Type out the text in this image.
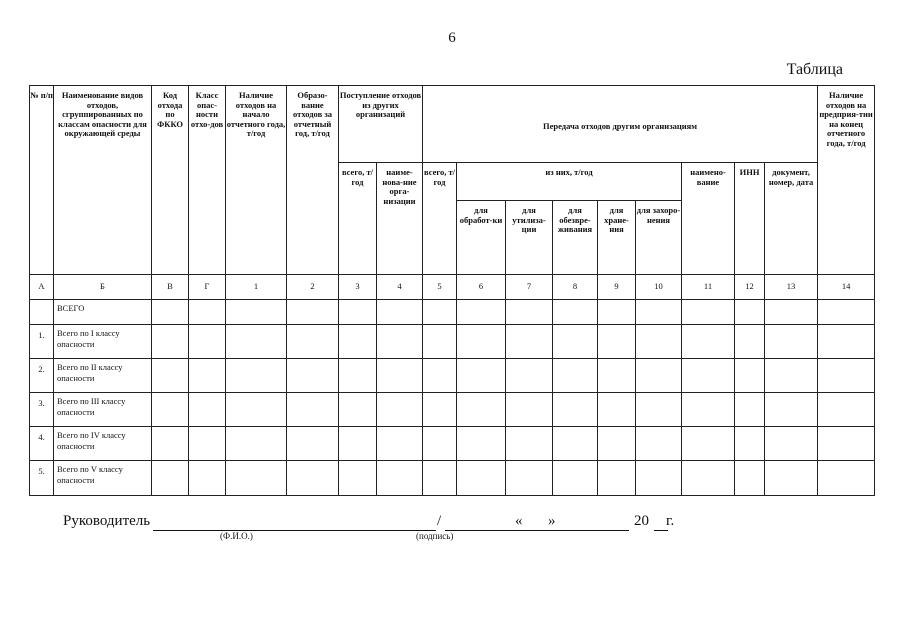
6
Таблица
№ п/п	Наименование видов отходов, сгруппированных по классам опасности для окружающей среды	Код отхода по ФККО	Класс опас-ности отхо-дов	Наличие отходов на начало отчетного года, т/год	Образо-вание отходов за отчетный год, т/год	Поступление отходов из других организаций		Передача отходов другим организациям									Наличие отходов на предприя-тии на конец отчетного года, т/год
						всего, т/год	наиме-нова-ние орга-низации	всего, т/год	из них, т/год					наимено-вание	ИНН	документ, номер, дата	
									для обработ-ки	для утилиза-ции	для обезвре-живания	для хране-ния	для захоро-нения				
А	Б	В	Г	1	2	3	4	5	6	7	8	9	10	11	12	13	14
	ВСЕГО																
1.	Всего по I классу опасности																
2.	Всего по II классу опасности																
3.	Всего по III классу опасности																
4.	Всего по IV классу опасности																
5.	Всего по V классу опасности																
Руководитель	/	« »	20 г.
(Ф.И.О.)	(подпись)
